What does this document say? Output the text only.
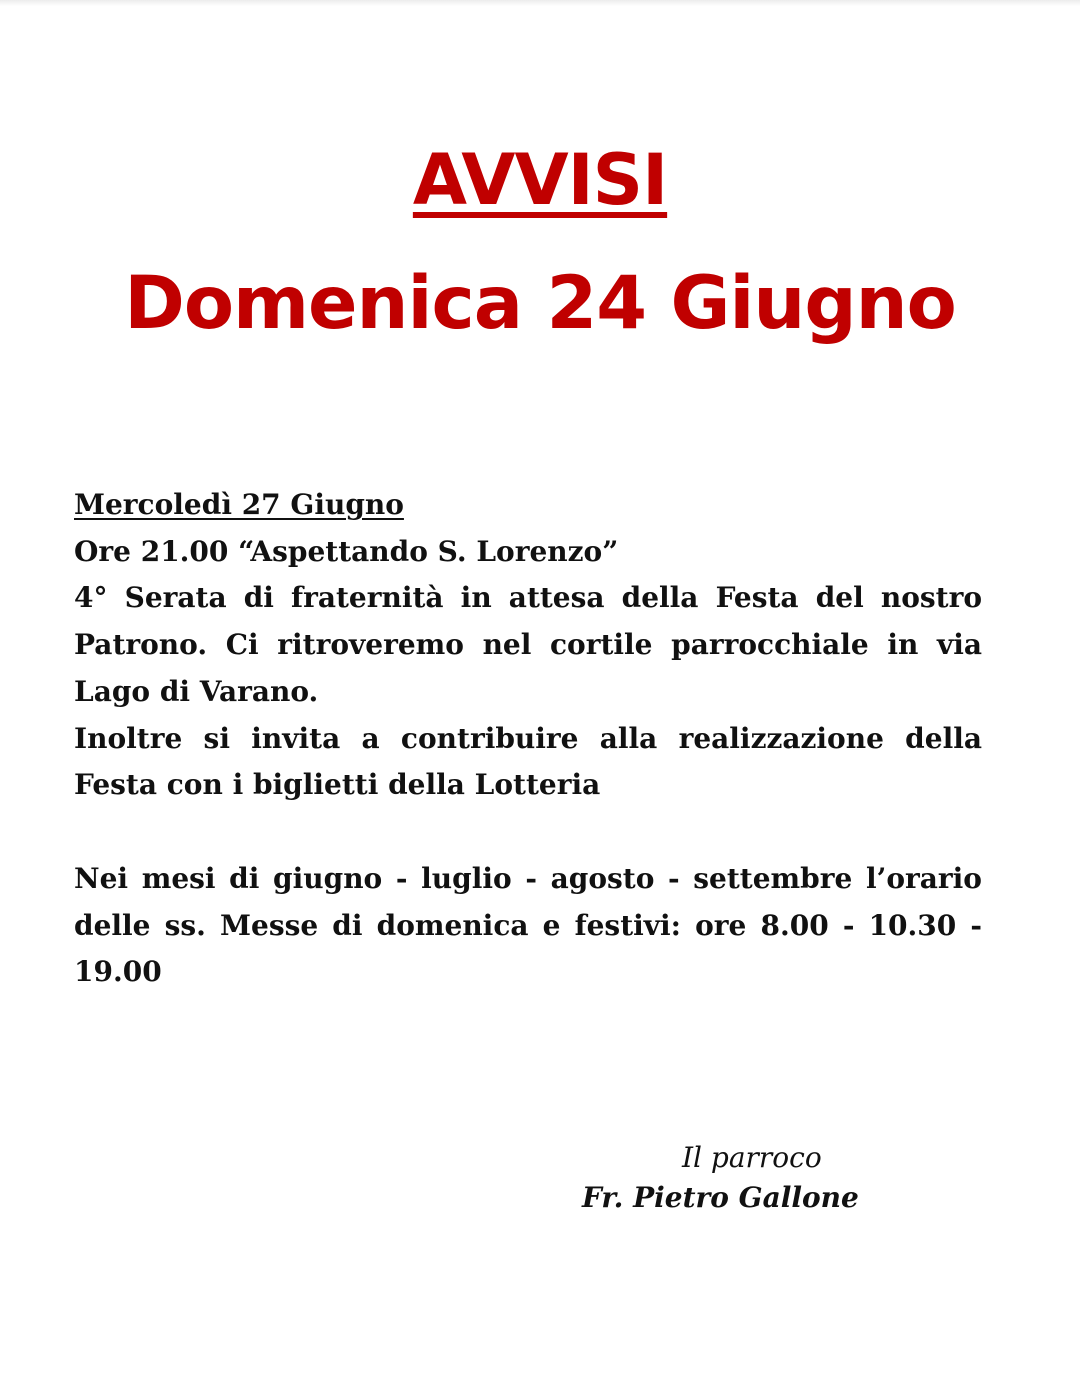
AVVISI
Domenica 24 Giugno

Mercoledì 27 Giugno

Ore 21.00 “Aspettando S. Lorenzo”

4° Serata di fraternità in attesa della Festa del nostro Patrono. Ci ritroveremo nel cortile parrocchiale in via Lago di Varano.

Inoltre si invita a contribuire alla realizzazione della Festa con i biglietti della Lotteria

Nei mesi di giugno - luglio - agosto - settembre l’orario delle ss. Messe di domenica e festivi: ore 8.00 - 10.30 - 19.00

Il parroco

Fr. Pietro Gallone
